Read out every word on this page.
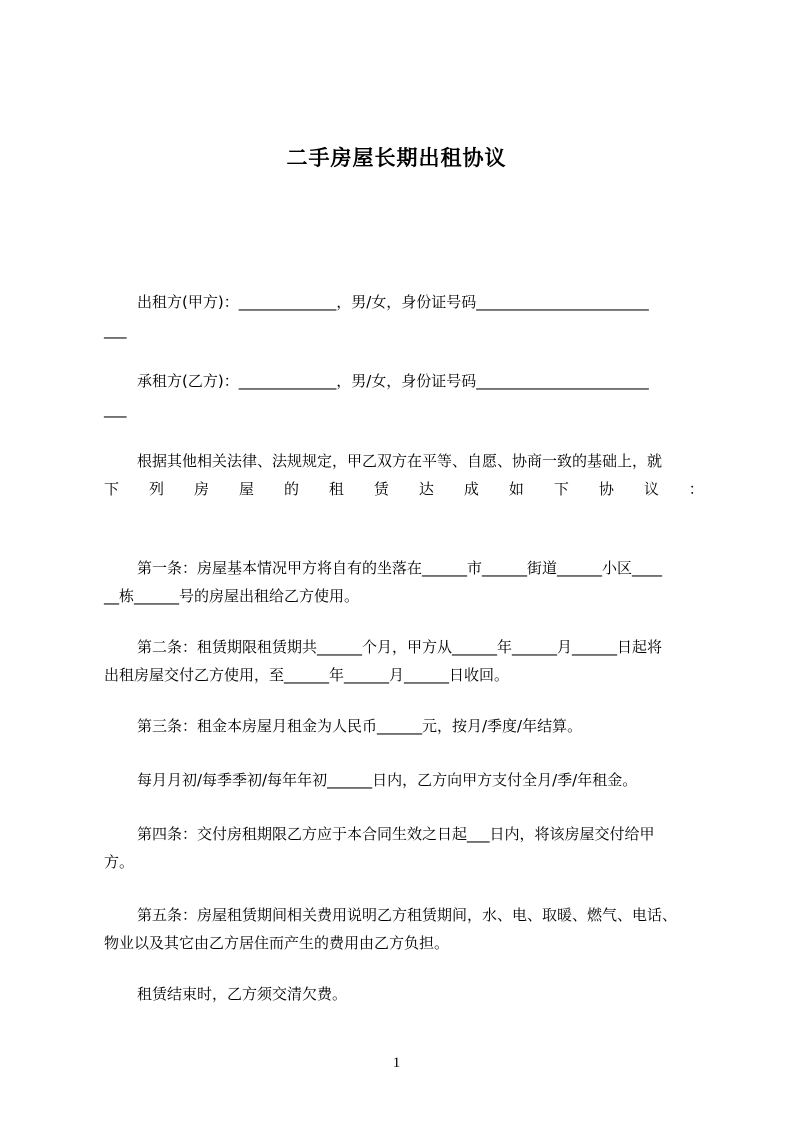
二手房屋长期出租协议
出租方(甲方)：_____________，男/女，身份证号码_______________________
___
承租方(乙方)：_____________，男/女，身份证号码_______________________
___
根据其他相关法律、法规规定，甲乙双方在平等、自愿、协商一致的基础上，就
下 列 房 屋 的 租 赁 达 成 如 下 协 议 ：
第一条：房屋基本情况甲方将自有的坐落在______市______街道______小区____
__栋______号的房屋出租给乙方使用。
第二条：租赁期限租赁期共______个月，甲方从______年______月______日起将
出租房屋交付乙方使用，至______年______月______日收回。
第三条：租金本房屋月租金为人民币______元，按月/季度/年结算。
每月月初/每季季初/每年年初______日内，乙方向甲方支付全月/季/年租金。
第四条：交付房租期限乙方应于本合同生效之日起___日内，将该房屋交付给甲
方。
第五条：房屋租赁期间相关费用说明乙方租赁期间，水、电、取暖、燃气、电话、
物业以及其它由乙方居住而产生的费用由乙方负担。
租赁结束时，乙方须交清欠费。
1
